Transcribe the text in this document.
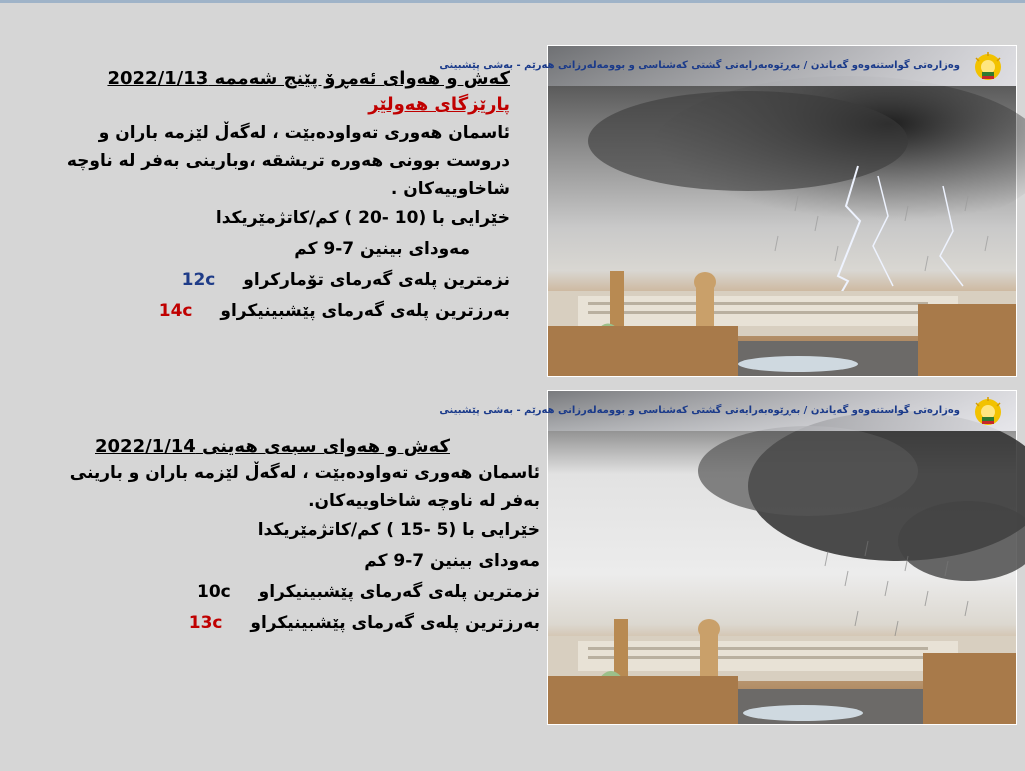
کەش و هەوای ئەمڕۆ پێنج شەممە 2022/1/13
پارێزگای هەولێر

ئاسمان هەوری تەواودەبێت ، لەگەڵ لێزمە باران و دروست بوونی هەورە تریشقە ،وبارینی بەفر لە ناوچە شاخاوییەکان .

خێرایی با (10 -20 ) کم/کاتژمێریکدا
مەودای بینین 7-9 کم
نزمترین پلەی گەرمای تۆمارکراو 12c
بەرزترین پلەی گەرمای پێشبینیکراو 14c
کەش و هەوای سبەی هەینی 2022/1/14

ئاسمان هەوری تەواودەبێت ، لەگەڵ لێزمە باران و بارینی بەفر لە ناوچە شاخاوییەکان.

خێرایی با (5 -15 ) کم/کاتژمێریکدا
مەودای بینین 7-9 کم
نزمترین پلەی گەرمای پێشبینیکراو 10c
بەرزترین پلەی گەرمای پێشبینیکراو 13c
وەزارەتی گواستنەوەو گەیاندن / بەڕێوەبەرایەتی گشتی کەشناسی و بوومەلەرزانی هەرێم - بەشی پێشبینی
وەزارەتی گواستنەوەو گەیاندن / بەڕێوەبەرایەتی گشتی کەشناسی و بوومەلەرزانی هەرێم - بەشی پێشبینی
